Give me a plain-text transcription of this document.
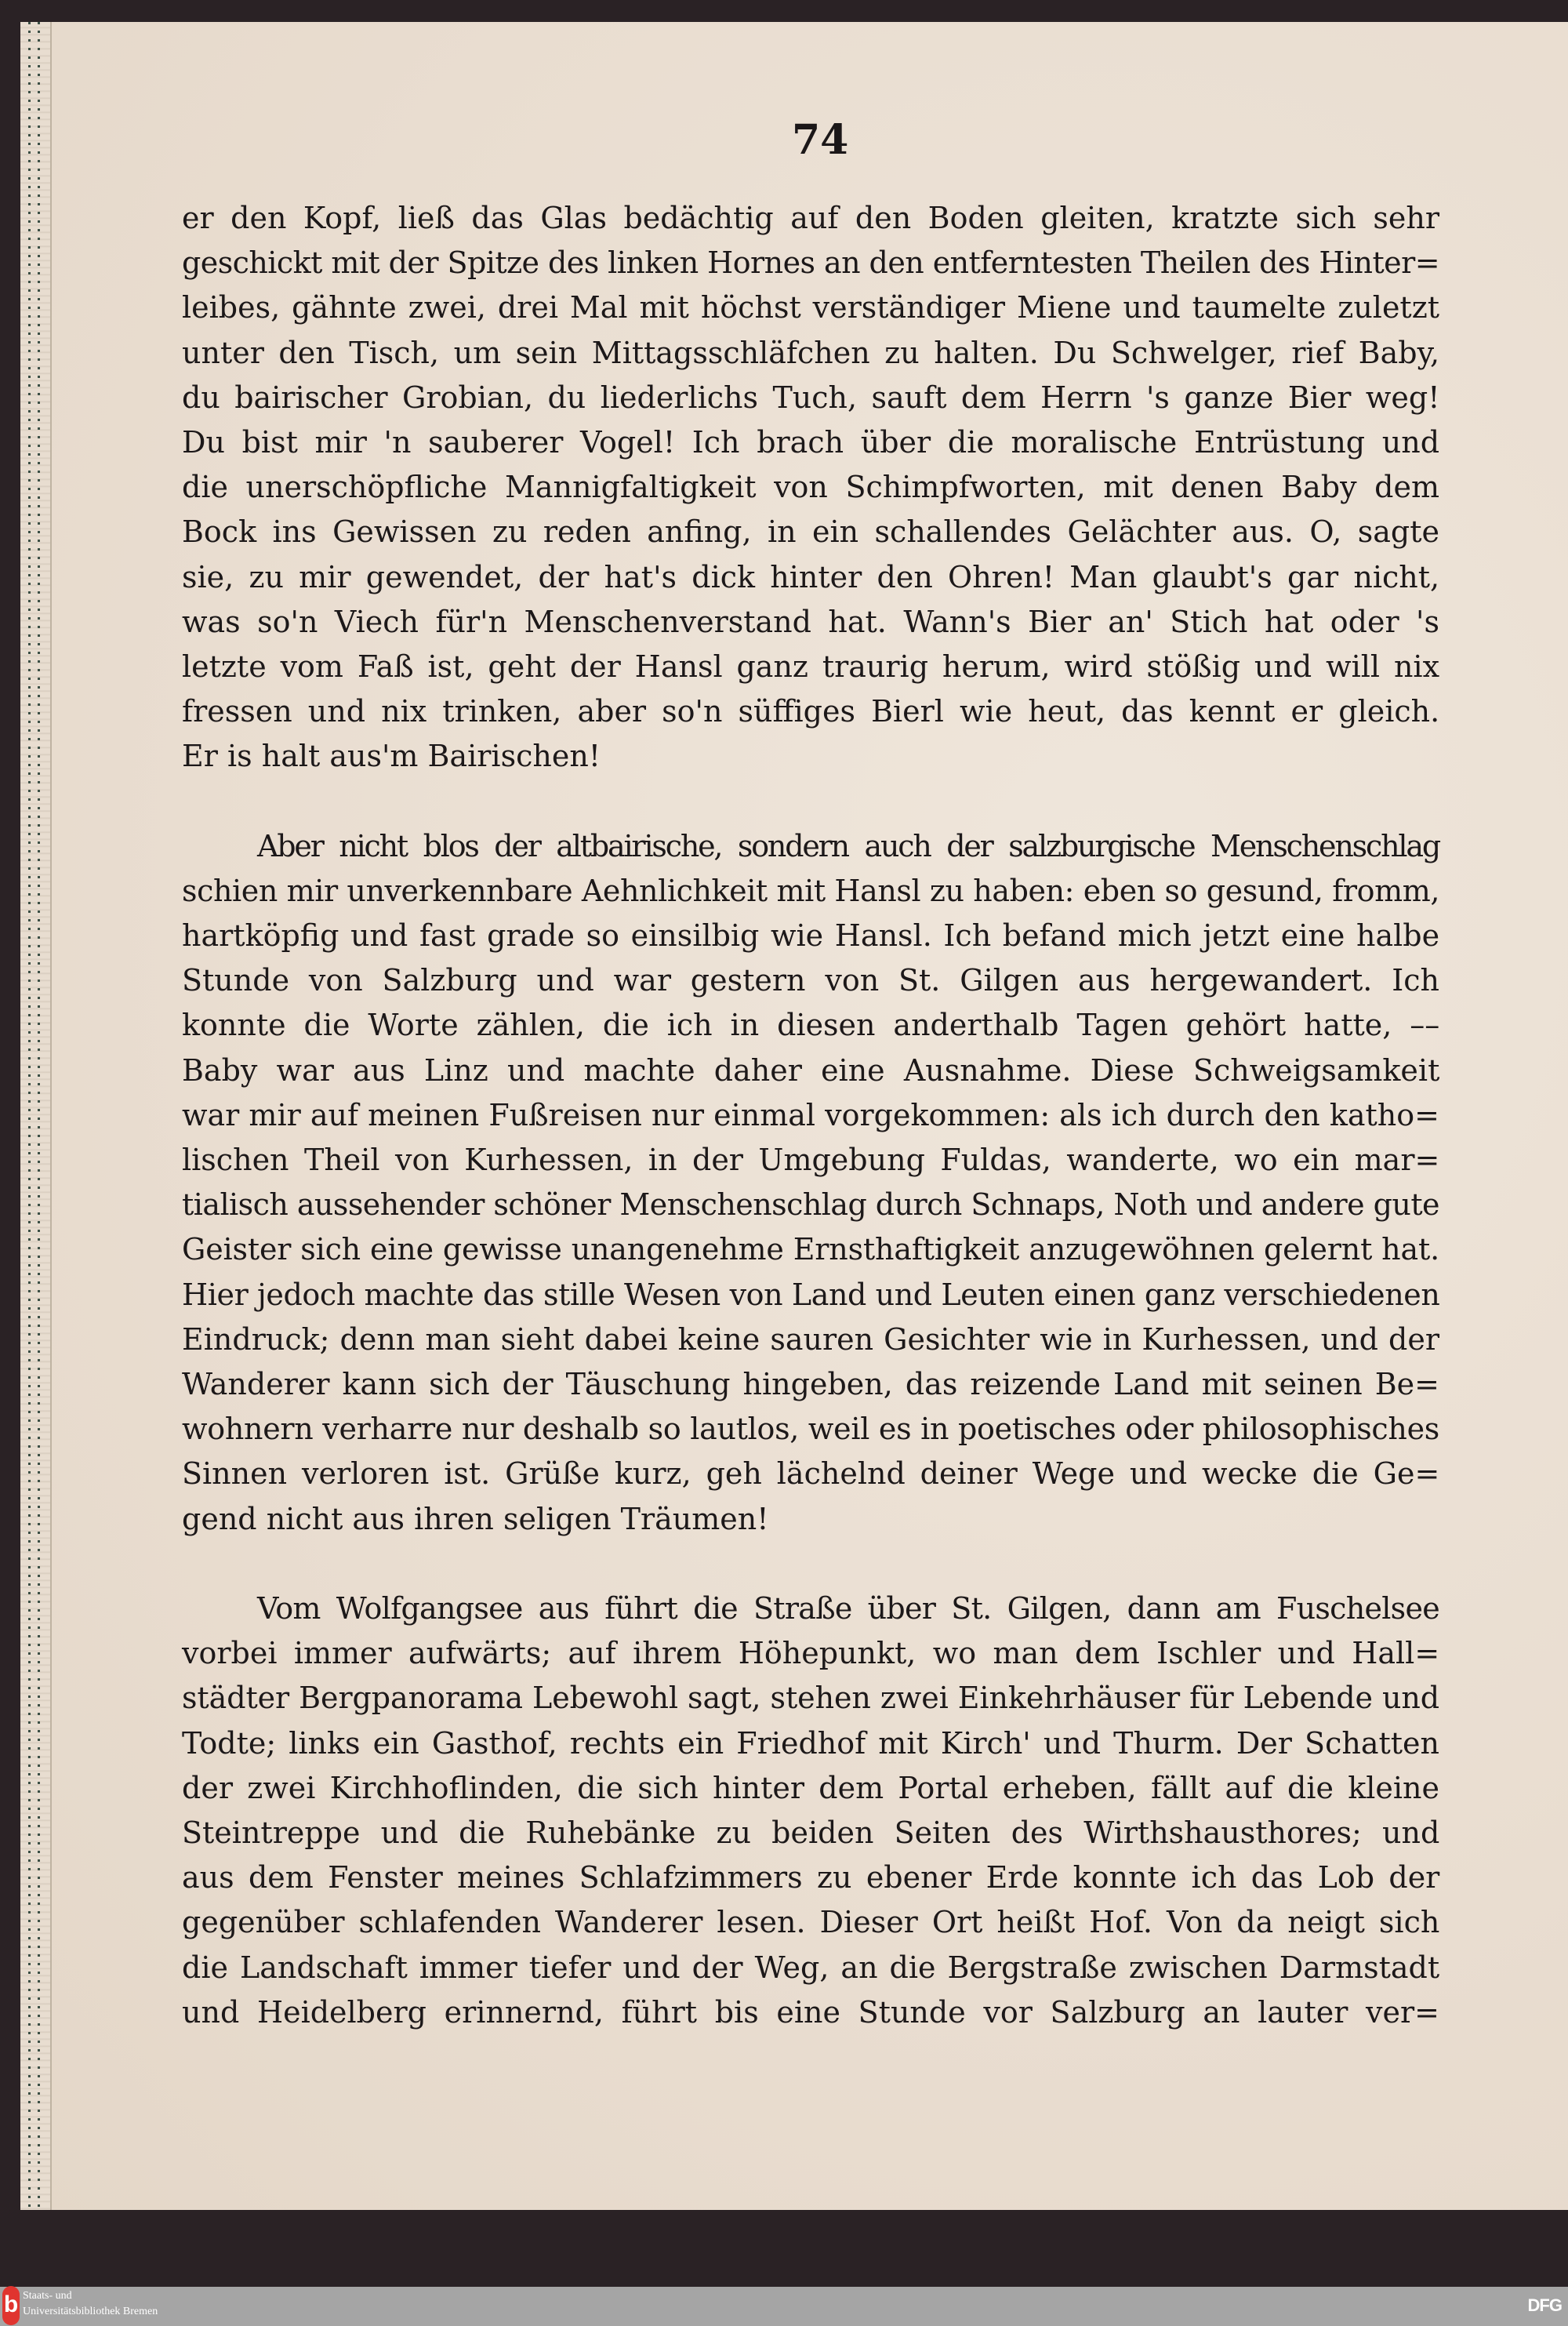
74
er den Kopf, ließ das Glas bedächtig auf den Boden gleiten, kratzte sich sehr
geschickt mit der Spitze des linken Hornes an den entferntesten Theilen des Hinter=
leibes, gähnte zwei, drei Mal mit höchst verständiger Miene und taumelte zuletzt
unter den Tisch, um sein Mittagsschläfchen zu halten. Du Schwelger, rief Baby,
du bairischer Grobian, du liederlichs Tuch, sauft dem Herrn 's ganze Bier weg!
Du bist mir 'n sauberer Vogel! Ich brach über die moralische Entrüstung und
die unerschöpfliche Mannigfaltigkeit von Schimpfworten, mit denen Baby dem
Bock ins Gewissen zu reden anfing, in ein schallendes Gelächter aus. O, sagte
sie, zu mir gewendet, der hat's dick hinter den Ohren! Man glaubt's gar nicht,
was so'n Viech für'n Menschenverstand hat. Wann's Bier an' Stich hat oder 's
letzte vom Faß ist, geht der Hansl ganz traurig herum, wird stößig und will nix
fressen und nix trinken, aber so'n süffiges Bierl wie heut, das kennt er gleich.
Er is halt aus'm Bairischen!
Aber nicht blos der altbairische, sondern auch der salzburgische Menschenschlag
schien mir unverkennbare Aehnlichkeit mit Hansl zu haben: eben so gesund, fromm,
hartköpfig und fast grade so einsilbig wie Hansl. Ich befand mich jetzt eine halbe
Stunde von Salzburg und war gestern von St. Gilgen aus hergewandert. Ich
konnte die Worte zählen, die ich in diesen anderthalb Tagen gehört hatte, ––
Baby war aus Linz und machte daher eine Ausnahme. Diese Schweigsamkeit
war mir auf meinen Fußreisen nur einmal vorgekommen: als ich durch den katho=
lischen Theil von Kurhessen, in der Umgebung Fuldas, wanderte, wo ein mar=
tialisch aussehender schöner Menschenschlag durch Schnaps, Noth und andere gute
Geister sich eine gewisse unangenehme Ernsthaftigkeit anzugewöhnen gelernt hat.
Hier jedoch machte das stille Wesen von Land und Leuten einen ganz verschiedenen
Eindruck; denn man sieht dabei keine sauren Gesichter wie in Kurhessen, und der
Wanderer kann sich der Täuschung hingeben, das reizende Land mit seinen Be=
wohnern verharre nur deshalb so lautlos, weil es in poetisches oder philosophisches
Sinnen verloren ist. Grüße kurz, geh lächelnd deiner Wege und wecke die Ge=
gend nicht aus ihren seligen Träumen!
Vom Wolfgangsee aus führt die Straße über St. Gilgen, dann am Fuschelsee
vorbei immer aufwärts; auf ihrem Höhepunkt, wo man dem Ischler und Hall=
städter Bergpanorama Lebewohl sagt, stehen zwei Einkehrhäuser für Lebende und
Todte; links ein Gasthof, rechts ein Friedhof mit Kirch' und Thurm. Der Schatten
der zwei Kirchhoflinden, die sich hinter dem Portal erheben, fällt auf die kleine
Steintreppe und die Ruhebänke zu beiden Seiten des Wirthshausthores; und
aus dem Fenster meines Schlafzimmers zu ebener Erde konnte ich das Lob der
gegenüber schlafenden Wanderer lesen. Dieser Ort heißt Hof. Von da neigt sich
die Landschaft immer tiefer und der Weg, an die Bergstraße zwischen Darmstadt
und Heidelberg erinnernd, führt bis eine Stunde vor Salzburg an lauter ver=
b Staats- und
Universitätsbibliothek Bremen	DFG
